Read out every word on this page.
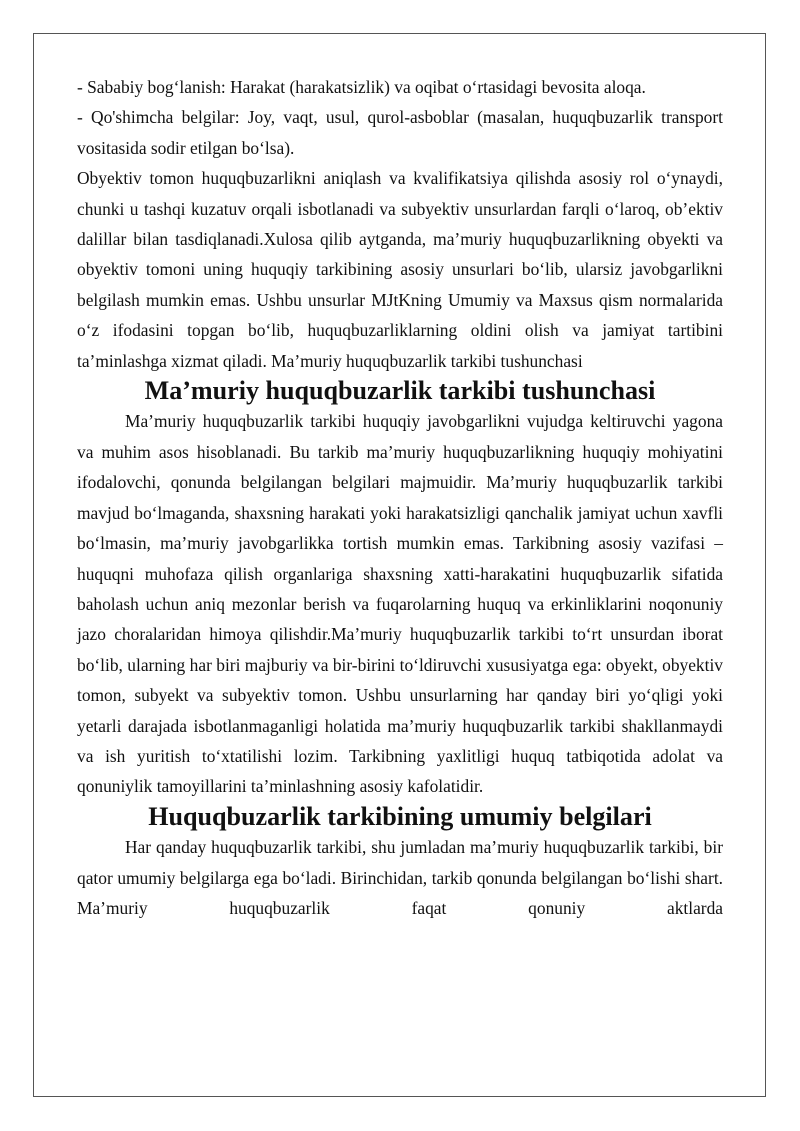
- Sababiy bog‘lanish: Harakat (harakatsizlik) va oqibat o‘rtasidagi bevosita aloqa.

- Qo'shimcha belgilar: Joy, vaqt, usul, qurol-asboblar (masalan, huquqbuzarlik transport vositasida sodir etilgan bo‘lsa).

Obyektiv tomon huquqbuzarlikni aniqlash va kvalifikatsiya qilishda asosiy rol o‘ynaydi, chunki u tashqi kuzatuv orqali isbotlanadi va subyektiv unsurlardan farqli o‘laroq, ob’ektiv dalillar bilan tasdiqlanadi.Xulosa qilib aytganda, ma’muriy huquqbuzarlikning obyekti va obyektiv tomoni uning huquqiy tarkibining asosiy unsurlari bo‘lib, ularsiz javobgarlikni belgilash mumkin emas. Ushbu unsurlar MJtKning Umumiy va Maxsus qism normalarida o‘z ifodasini topgan bo‘lib, huquqbuzarliklarning oldini olish va jamiyat tartibini ta’minlashga xizmat qiladi. Ma’muriy huquqbuzarlik tarkibi tushunchasi

Ma’muriy huquqbuzarlik tarkibi tushunchasi

Ma’muriy huquqbuzarlik tarkibi huquqiy javobgarlikni vujudga keltiruvchi yagona va muhim asos hisoblanadi. Bu tarkib ma’muriy huquqbuzarlikning huquqiy mohiyatini ifodalovchi, qonunda belgilangan belgilari majmuidir. Ma’muriy huquqbuzarlik tarkibi mavjud bo‘lmaganda, shaxsning harakati yoki harakatsizligi qanchalik jamiyat uchun xavfli bo‘lmasin, ma’muriy javobgarlikka tortish mumkin emas. Tarkibning asosiy vazifasi – huquqni muhofaza qilish organlariga shaxsning xatti-harakatini huquqbuzarlik sifatida baholash uchun aniq mezonlar berish va fuqarolarning huquq va erkinliklarini noqonuniy jazo choralaridan himoya qilishdir.Ma’muriy huquqbuzarlik tarkibi to‘rt unsurdan iborat bo‘lib, ularning har biri majburiy va bir-birini to‘ldiruvchi xususiyatga ega: obyekt, obyektiv tomon, subyekt va subyektiv tomon. Ushbu unsurlarning har qanday biri yo‘qligi yoki yetarli darajada isbotlanmaganligi holatida ma’muriy huquqbuzarlik tarkibi shakllanmaydi va ish yuritish to‘xtatilishi lozim. Tarkibning yaxlitligi huquq tatbiqotida adolat va qonuniylik tamoyillarini ta’minlashning asosiy kafolatidir.

Huquqbuzarlik tarkibining umumiy belgilari

Har qanday huquqbuzarlik tarkibi, shu jumladan ma’muriy huquqbuzarlik tarkibi, bir qator umumiy belgilarga ega bo‘ladi. Birinchidan, tarkib qonunda belgilangan bo‘lishi shart. Ma’muriy huquqbuzarlik faqat qonuniy aktlarda
